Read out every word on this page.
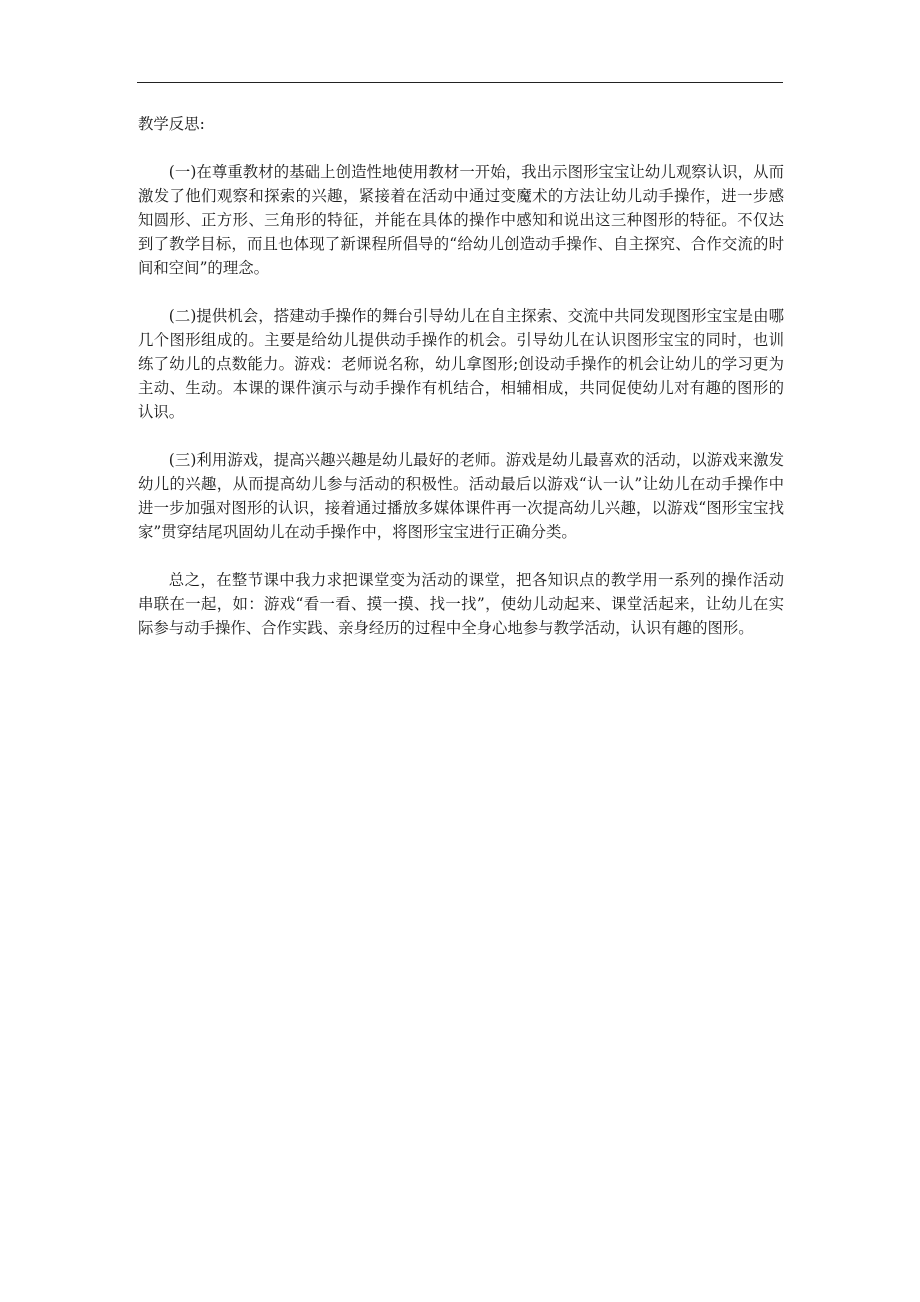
教学反思:

(一)在尊重教材的基础上创造性地使用教材一开始，我出示图形宝宝让幼儿观察认识，从而激发了他们观察和探索的兴趣，紧接着在活动中通过变魔术的方法让幼儿动手操作，进一步感知圆形、正方形、三角形的特征，并能在具体的操作中感知和说出这三种图形的特征。不仅达到了教学目标，而且也体现了新课程所倡导的“给幼儿创造动手操作、自主探究、合作交流的时间和空间”的理念。

(二)提供机会，搭建动手操作的舞台引导幼儿在自主探索、交流中共同发现图形宝宝是由哪几个图形组成的。主要是给幼儿提供动手操作的机会。引导幼儿在认识图形宝宝的同时，也训练了幼儿的点数能力。游戏：老师说名称，幼儿拿图形;创设动手操作的机会让幼儿的学习更为主动、生动。本课的课件演示与动手操作有机结合，相辅相成，共同促使幼儿对有趣的图形的认识。

(三)利用游戏，提高兴趣兴趣是幼儿最好的老师。游戏是幼儿最喜欢的活动，以游戏来激发幼儿的兴趣，从而提高幼儿参与活动的积极性。活动最后以游戏“认一认”让幼儿在动手操作中进一步加强对图形的认识，接着通过播放多媒体课件再一次提高幼儿兴趣，以游戏“图形宝宝找家”贯穿结尾巩固幼儿在动手操作中，将图形宝宝进行正确分类。

总之，在整节课中我力求把课堂变为活动的课堂，把各知识点的教学用一系列的操作活动串联在一起，如：游戏“看一看、摸一摸、找一找”，使幼儿动起来、课堂活起来，让幼儿在实际参与动手操作、合作实践、亲身经历的过程中全身心地参与教学活动，认识有趣的图形。
